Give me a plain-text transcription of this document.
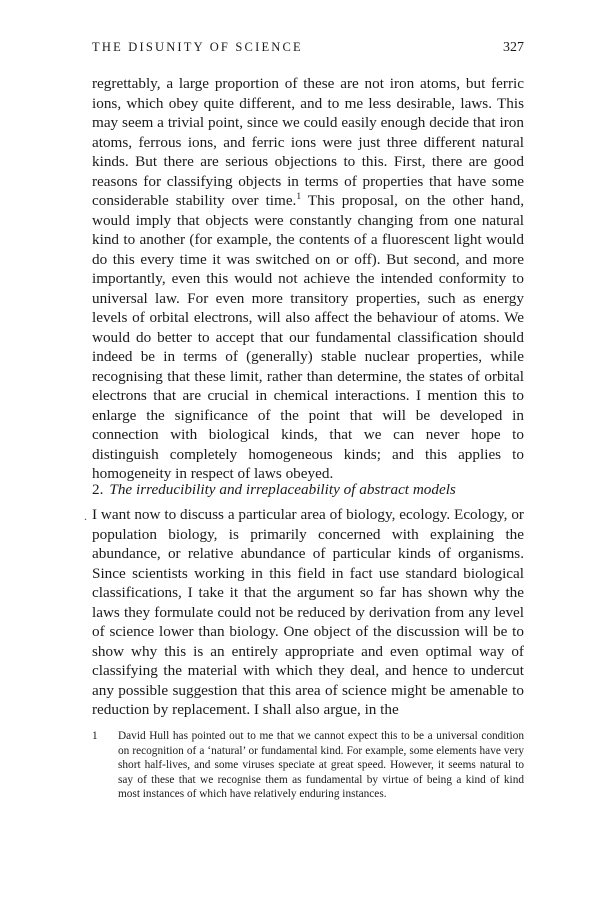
THE DISUNITY OF SCIENCE	327

regrettably, a large proportion of these are not iron atoms, but ferric ions, which obey quite different, and to me less desirable, laws. This may seem a trivial point, since we could easily enough decide that iron atoms, ferrous ions, and ferric ions were just three different natural kinds. But there are serious objections to this. First, there are good reasons for classifying objects in terms of properties that have some considerable stability over time.$^1$ This proposal, on the other hand, would imply that objects were constantly changing from one natural kind to another (for example, the contents of a fluorescent light would do this every time it was switched on or off). But second, and more importantly, even this would not achieve the intended conformity to universal law. For even more transitory properties, such as energy levels of orbital electrons, will also affect the behaviour of atoms. We would do better to accept that our fundamental classification should indeed be in terms of (generally) stable nuclear properties, while recognising that these limit, rather than determine, the states of orbital electrons that are crucial in chemical interactions. I mention this to enlarge the significance of the point that will be developed in connection with biological kinds, that we can never hope to distinguish completely homogeneous kinds; and this applies to homogeneity in respect of laws obeyed.

2. The irreducibility and irreplaceability of abstract models
. I want now to discuss a particular area of biology, ecology. Ecology, or population biology, is primarily concerned with explaining the abundance, or relative abundance of particular kinds of organisms. Since scientists working in this field in fact use standard biological classifications, I take it that the argument so far has shown why the laws they formulate could not be reduced by derivation from any level of science lower than biology. One object of the discussion will be to show why this is an entirely appropriate and even optimal way of classifying the material with which they deal, and hence to undercut any possible suggestion that this area of science might be amenable to reduction by replacement. I shall also argue, in the

1 David Hull has pointed out to me that we cannot expect this to be a universal condition on recognition of a ‘natural’ or fundamental kind. For example, some elements have very short half-lives, and some viruses speciate at great speed. However, it seems natural to say of these that we recognise them as fundamental by virtue of being a kind of kind most instances of which have relatively enduring instances.
